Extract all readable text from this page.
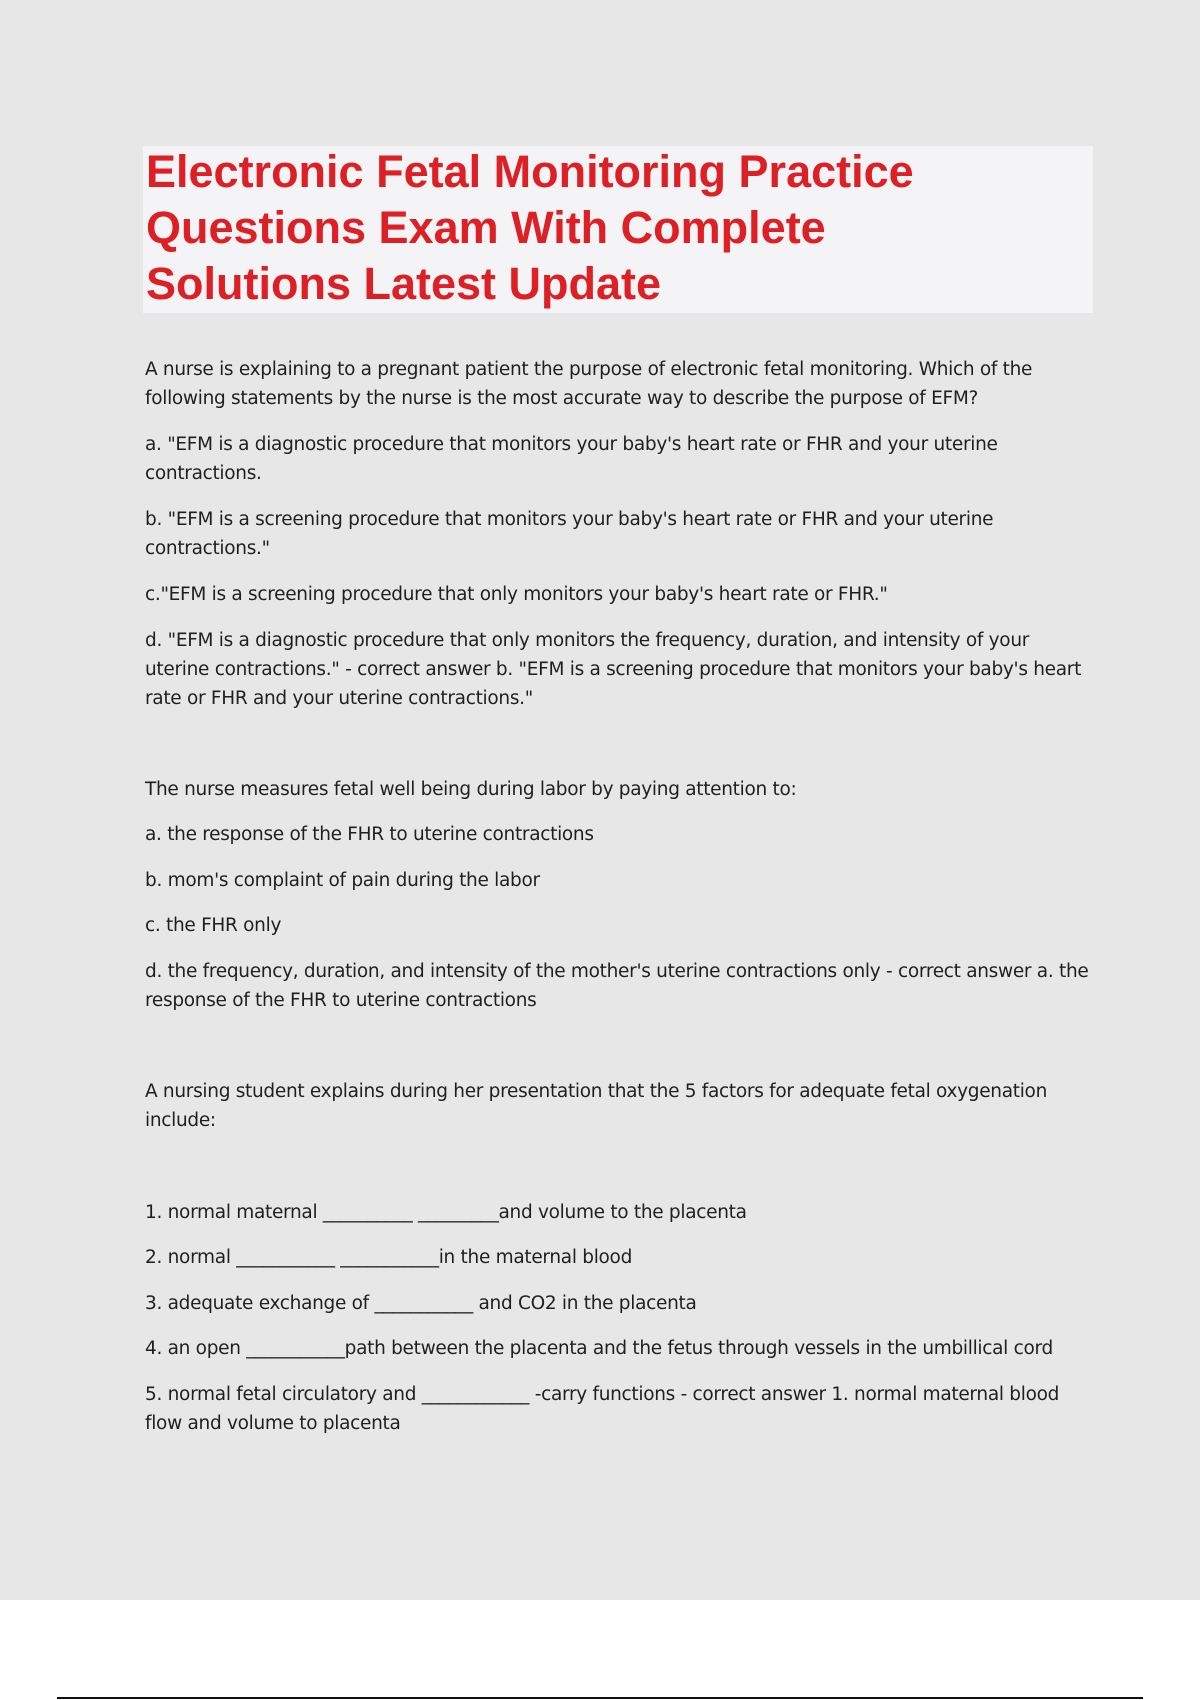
Electronic Fetal Monitoring Practice
Questions Exam With Complete
Solutions Latest Update

A nurse is explaining to a pregnant patient the purpose of electronic fetal monitoring. Which of the
following statements by the nurse is the most accurate way to describe the purpose of EFM?

a. "EFM is a diagnostic procedure that monitors your baby's heart rate or FHR and your uterine
contractions.

b. "EFM is a screening procedure that monitors your baby's heart rate or FHR and your uterine
contractions."

c."EFM is a screening procedure that only monitors your baby's heart rate or FHR."

d. "EFM is a diagnostic procedure that only monitors the frequency, duration, and intensity of your
uterine contractions." - correct answer b. "EFM is a screening procedure that monitors your baby's heart
rate or FHR and your uterine contractions."

The nurse measures fetal well being during labor by paying attention to:

a. the response of the FHR to uterine contractions

b. mom's complaint of pain during the labor

c. the FHR only

d. the frequency, duration, and intensity of the mother's uterine contractions only - correct answer a. the
response of the FHR to uterine contractions

A nursing student explains during her presentation that the 5 factors for adequate fetal oxygenation
include:

1. normal maternal __________ _________and volume to the placenta

2. normal ___________ ___________in the maternal blood

3. adequate exchange of ___________ and CO2 in the placenta

4. an open ___________path between the placenta and the fetus through vessels in the umbillical cord

5. normal fetal circulatory and ____________ -carry functions - correct answer 1. normal maternal blood
flow and volume to placenta
